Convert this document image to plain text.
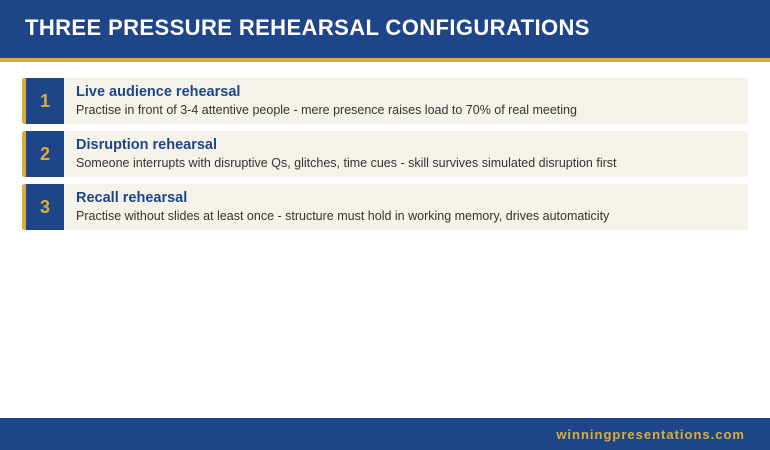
THREE PRESSURE REHEARSAL CONFIGURATIONS
1	Live audience rehearsal
Practise in front of 3-4 attentive people - mere presence raises load to 70% of real meeting
2	Disruption rehearsal
Someone interrupts with disruptive Qs, glitches, time cues - skill survives simulated disruption first
3	Recall rehearsal
Practise without slides at least once - structure must hold in working memory, drives automaticity
winningpresentations.com
